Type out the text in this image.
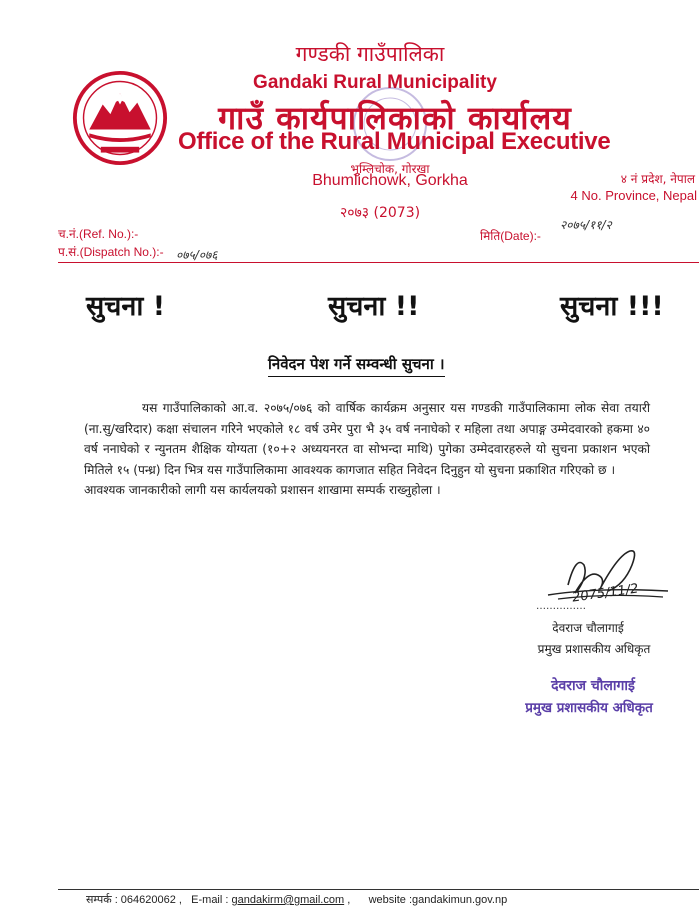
गण्डकी गाउँपालिका
Gandaki Rural Municipality
गाउँ कार्यपालिकाको कार्यालय
Office of the Rural Municipal Executive
भुम्लिचोक, गोरखा
Bhumlichowk, Gorkha	४ नं प्रदेश, नेपाल
4 No. Province, Nepal
२०७३ (2073)
च.नं.(Ref. No.):-
प.सं.(Dispatch No.):- ०७५/०७६
मिति(Date):-
२०७५/११/२
सुचना !	सुचना !!	सुचना !!!
निवेदन पेश गर्ने सम्वन्धी सुचना ।

यस गाउँपालिकाको आ.व. २०७५/०७६ को वार्षिक कार्यक्रम अनुसार यस गण्डकी गाउँपालिकामा लोक सेवा तयारी (ना.सु/खरिदार) कक्षा संचालन गरिने भएकोले १८ वर्ष उमेर पुरा भै ३५ वर्ष ननाघेको र महिला तथा अपाङ्ग उम्मेदवारको हकमा ४० वर्ष ननाघेको र न्युनतम शैक्षिक योग्यता (१०+२ अध्ययनरत वा सोभन्दा माथि) पुगेका उम्मेदवारहरुले यो सुचना प्रकाशन भएको मितिले १५ (पन्ध्र) दिन भित्र यस गाउँपालिकामा आवश्यक कागजात सहित निवेदन दिनुहुन यो सुचना प्रकाशित गरिएको छ ।

आवश्यक जानकारीको लागी यस कार्यलयको प्रशासन शाखामा सम्पर्क राख्नुहोला ।

……………
2075/11/2
देवराज चौलागाई
प्रमुख प्रशासकीय अधिकृत
देवराज चौलागाई
प्रमुख प्रशासकीय अधिकृत
सम्पर्क : 064620062 , E-mail : gandakirm@gmail.com ,      website :gandakimun.gov.np
